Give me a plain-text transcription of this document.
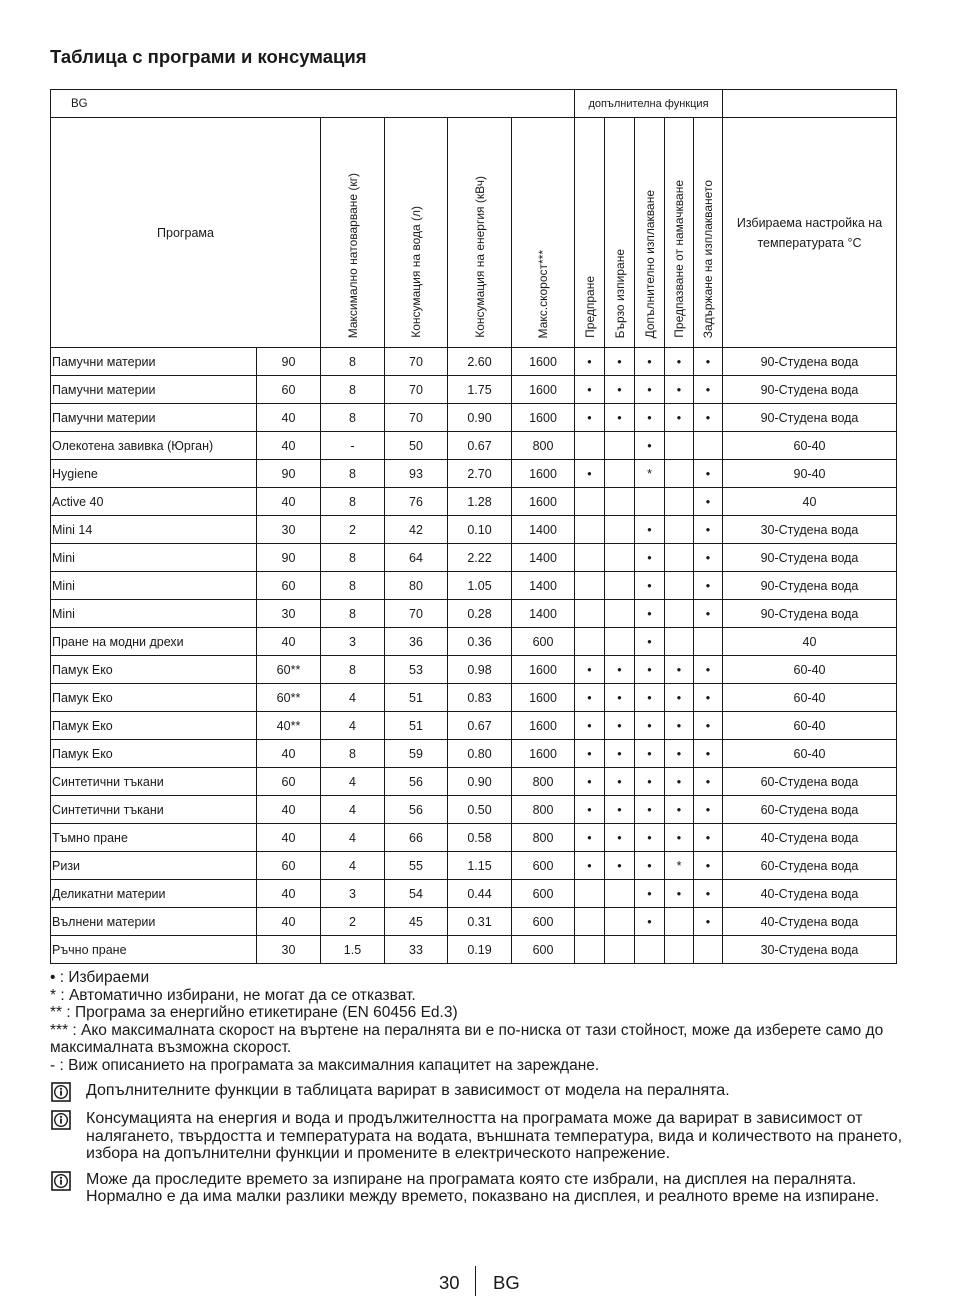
Таблица с програми и консумация
BG						допълнителна функция					
Програма		Максимално натоварване (кг)	Консумация на вода (л)	Консумация на енергия (кВч)	Макс.скорост***	Предпране	Бързо изпиране	Допълнително изплакване	Предпазване от намачкване	Задържане на изплакването	Избираема настройка на температурата °C
Памучни материи	90	8	70	2.60	1600	•	•	•	•	•	90-Студена вода
Памучни материи	60	8	70	1.75	1600	•	•	•	•	•	90-Студена вода
Памучни материи	40	8	70	0.90	1600	•	•	•	•	•	90-Студена вода
Олекотена завивка (Юрган)	40	-	50	0.67	800			•			60-40
Hygiene	90	8	93	2.70	1600	•		*		•	90-40
Active 40	40	8	76	1.28	1600					•	40
Mini 14	30	2	42	0.10	1400			•		•	30-Студена вода
Mini	90	8	64	2.22	1400			•		•	90-Студена вода
Mini	60	8	80	1.05	1400			•		•	90-Студена вода
Mini	30	8	70	0.28	1400			•		•	90-Студена вода
Пране на модни дрехи	40	3	36	0.36	600			•			40
Памук Еко	60**	8	53	0.98	1600	•	•	•	•	•	60-40
Памук Еко	60**	4	51	0.83	1600	•	•	•	•	•	60-40
Памук Еко	40**	4	51	0.67	1600	•	•	•	•	•	60-40
Памук Еко	40	8	59	0.80	1600	•	•	•	•	•	60-40
Синтетични тъкани	60	4	56	0.90	800	•	•	•	•	•	60-Студена вода
Синтетични тъкани	40	4	56	0.50	800	•	•	•	•	•	60-Студена вода
Тъмно пране	40	4	66	0.58	800	•	•	•	•	•	40-Студена вода
Ризи	60	4	55	1.15	600	•	•	•	*	•	60-Студена вода
Деликатни материи	40	3	54	0.44	600			•	•	•	40-Студена вода
Вълнени материи	40	2	45	0.31	600			•		•	40-Студена вода
Ръчно пране	30	1.5	33	0.19	600						30-Студена вода
• : Избираеми
* : Автоматично избирани, не могат да се отказват.
** : Програма за енергийно етикетиране (EN 60456 Ed.3)
*** : Ако максималната скорост на въртене на пералнята ви е по-ниска от тази стойност, може да изберете само до максималната възможна скорост.
- : Виж описанието на програмата за максималния капацитет на зареждане.
Допълнителните функции в таблицата варират в зависимост от модела на пералнята.
Консумацията на енергия и вода и продължителността на програмата може да варират в зависимост от налягането, твърдостта и температурата на водата, външната температура, вида и количеството на прането, избора на допълнителни функции и промените в електрическото напрежение.
Може да проследите времето за изпиране на програмата която сте избрали, на дисплея на пералнята. Нормално е да има малки разлики между времето, показвано на дисплея, и реалното време на изпиране.
30 BG
